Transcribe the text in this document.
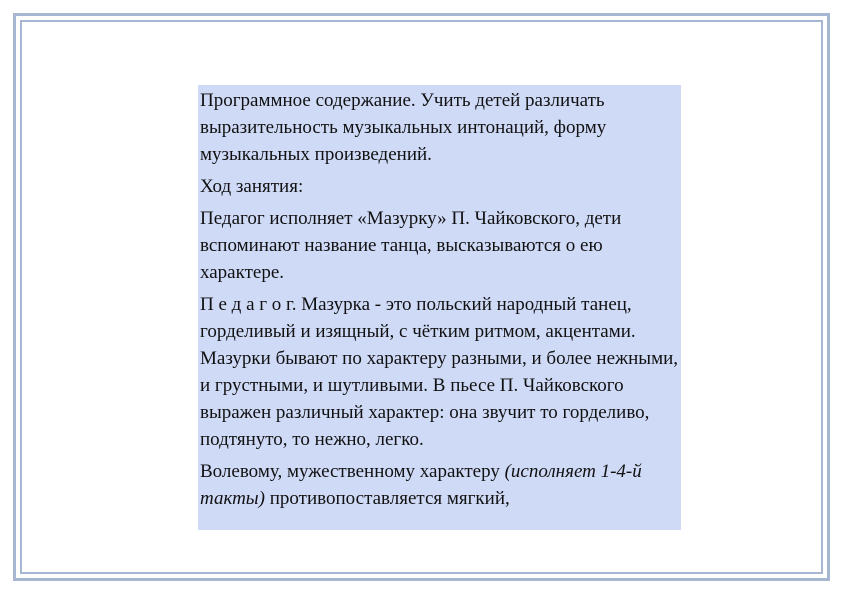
Программное содержание. Учить детей различать выразительность музыкальных интонаций, форму музыкальных произведений.

Ход занятия:

Педагог исполняет «Мазурку» П. Чайковского, дети вспоминают название танца, высказываются о ею характере.

П е д а г о г. Мазурка - это польский народный танец, горделивый и изящный, с чётким ритмом, акцентами. Мазурки бывают по характеру разными, и более нежными, и грустными, и шутливыми. В пьесе П. Чайковского выражен различный характер: она звучит то горделиво, подтянуто, то нежно, легко.

Волевому, мужественному характеру (исполняет 1-4-й такты) противопоставляется мягкий,
